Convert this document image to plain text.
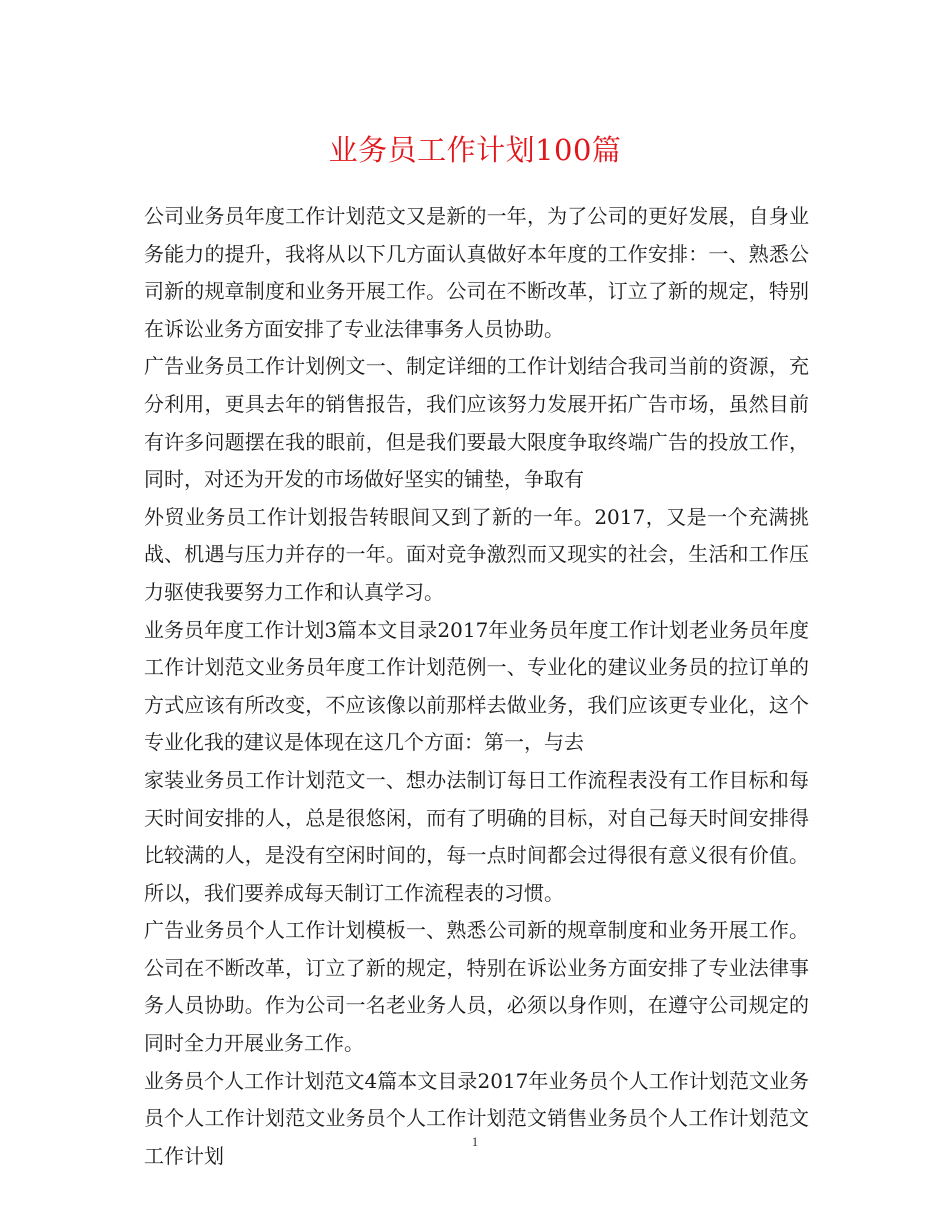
业务员工作计划100篇

公司业务员年度工作计划范文又是新的一年，为了公司的更好发展，自身业务能力的提升，我将从以下几方面认真做好本年度的工作安排：一、熟悉公司新的规章制度和业务开展工作。公司在不断改革，订立了新的规定，特别在诉讼业务方面安排了专业法律事务人员协助。

广告业务员工作计划例文一、制定详细的工作计划结合我司当前的资源，充分利用，更具去年的销售报告，我们应该努力发展开拓广告市场，虽然目前有许多问题摆在我的眼前，但是我们要最大限度争取终端广告的投放工作，同时，对还为开发的市场做好坚实的铺垫，争取有

外贸业务员工作计划报告转眼间又到了新的一年。2017，又是一个充满挑战、机遇与压力并存的一年。面对竞争激烈而又现实的社会，生活和工作压力驱使我要努力工作和认真学习。

业务员年度工作计划3篇本文目录2017年业务员年度工作计划老业务员年度工作计划范文业务员年度工作计划范例一、专业化的建议业务员的拉订单的方式应该有所改变，不应该像以前那样去做业务，我们应该更专业化，这个专业化我的建议是体现在这几个方面：第一，与去

家装业务员工作计划范文一、想办法制订每日工作流程表没有工作目标和每天时间安排的人，总是很悠闲，而有了明确的目标，对自己每天时间安排得比较满的人，是没有空闲时间的，每一点时间都会过得很有意义很有价值。所以，我们要养成每天制订工作流程表的习惯。

广告业务员个人工作计划模板一、熟悉公司新的规章制度和业务开展工作。公司在不断改革，订立了新的规定，特别在诉讼业务方面安排了专业法律事务人员协助。作为公司一名老业务人员，必须以身作则，在遵守公司规定的同时全力开展业务工作。

业务员个人工作计划范文4篇本文目录2017年业务员个人工作计划范文业务员个人工作计划范文业务员个人工作计划范文销售业务员个人工作计划范文工作计划

1
